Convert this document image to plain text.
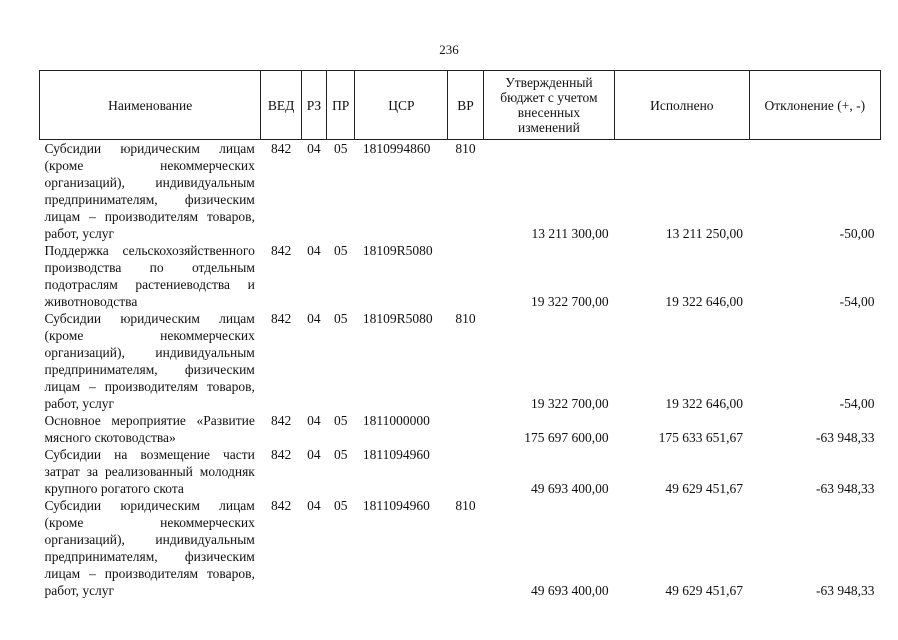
236
Наименование	ВЕД	РЗ	ПР	ЦСР	ВР	Утвержденный бюджет с учетом внесенных изменений	Исполнено	Отклонение (+, -)
Субсидии юридическим лицам (кроме некоммерческих организаций), индивидуальным предпринимателям, физическим лицам – производителям товаров, работ, услуг	842	04	05	1810994860	810	13 211 300,00	13 211 250,00	-50,00
Поддержка сельскохозяйственного производства по отдельным подотраслям растениеводства и животноводства	842	04	05	18109R5080		19 322 700,00	19 322 646,00	-54,00
Субсидии юридическим лицам (кроме некоммерческих организаций), индивидуальным предпринимателям, физическим лицам – производителям товаров, работ, услуг	842	04	05	18109R5080	810	19 322 700,00	19 322 646,00	-54,00
Основное мероприятие «Развитие мясного скотоводства»	842	04	05	1811000000		175 697 600,00	175 633 651,67	-63 948,33
Субсидии на возмещение части затрат за реализованный молодняк крупного рогатого скота	842	04	05	1811094960		49 693 400,00	49 629 451,67	-63 948,33
Субсидии юридическим лицам (кроме некоммерческих организаций), индивидуальным предпринимателям, физическим лицам – производителям товаров, работ, услуг	842	04	05	1811094960	810	49 693 400,00	49 629 451,67	-63 948,33
